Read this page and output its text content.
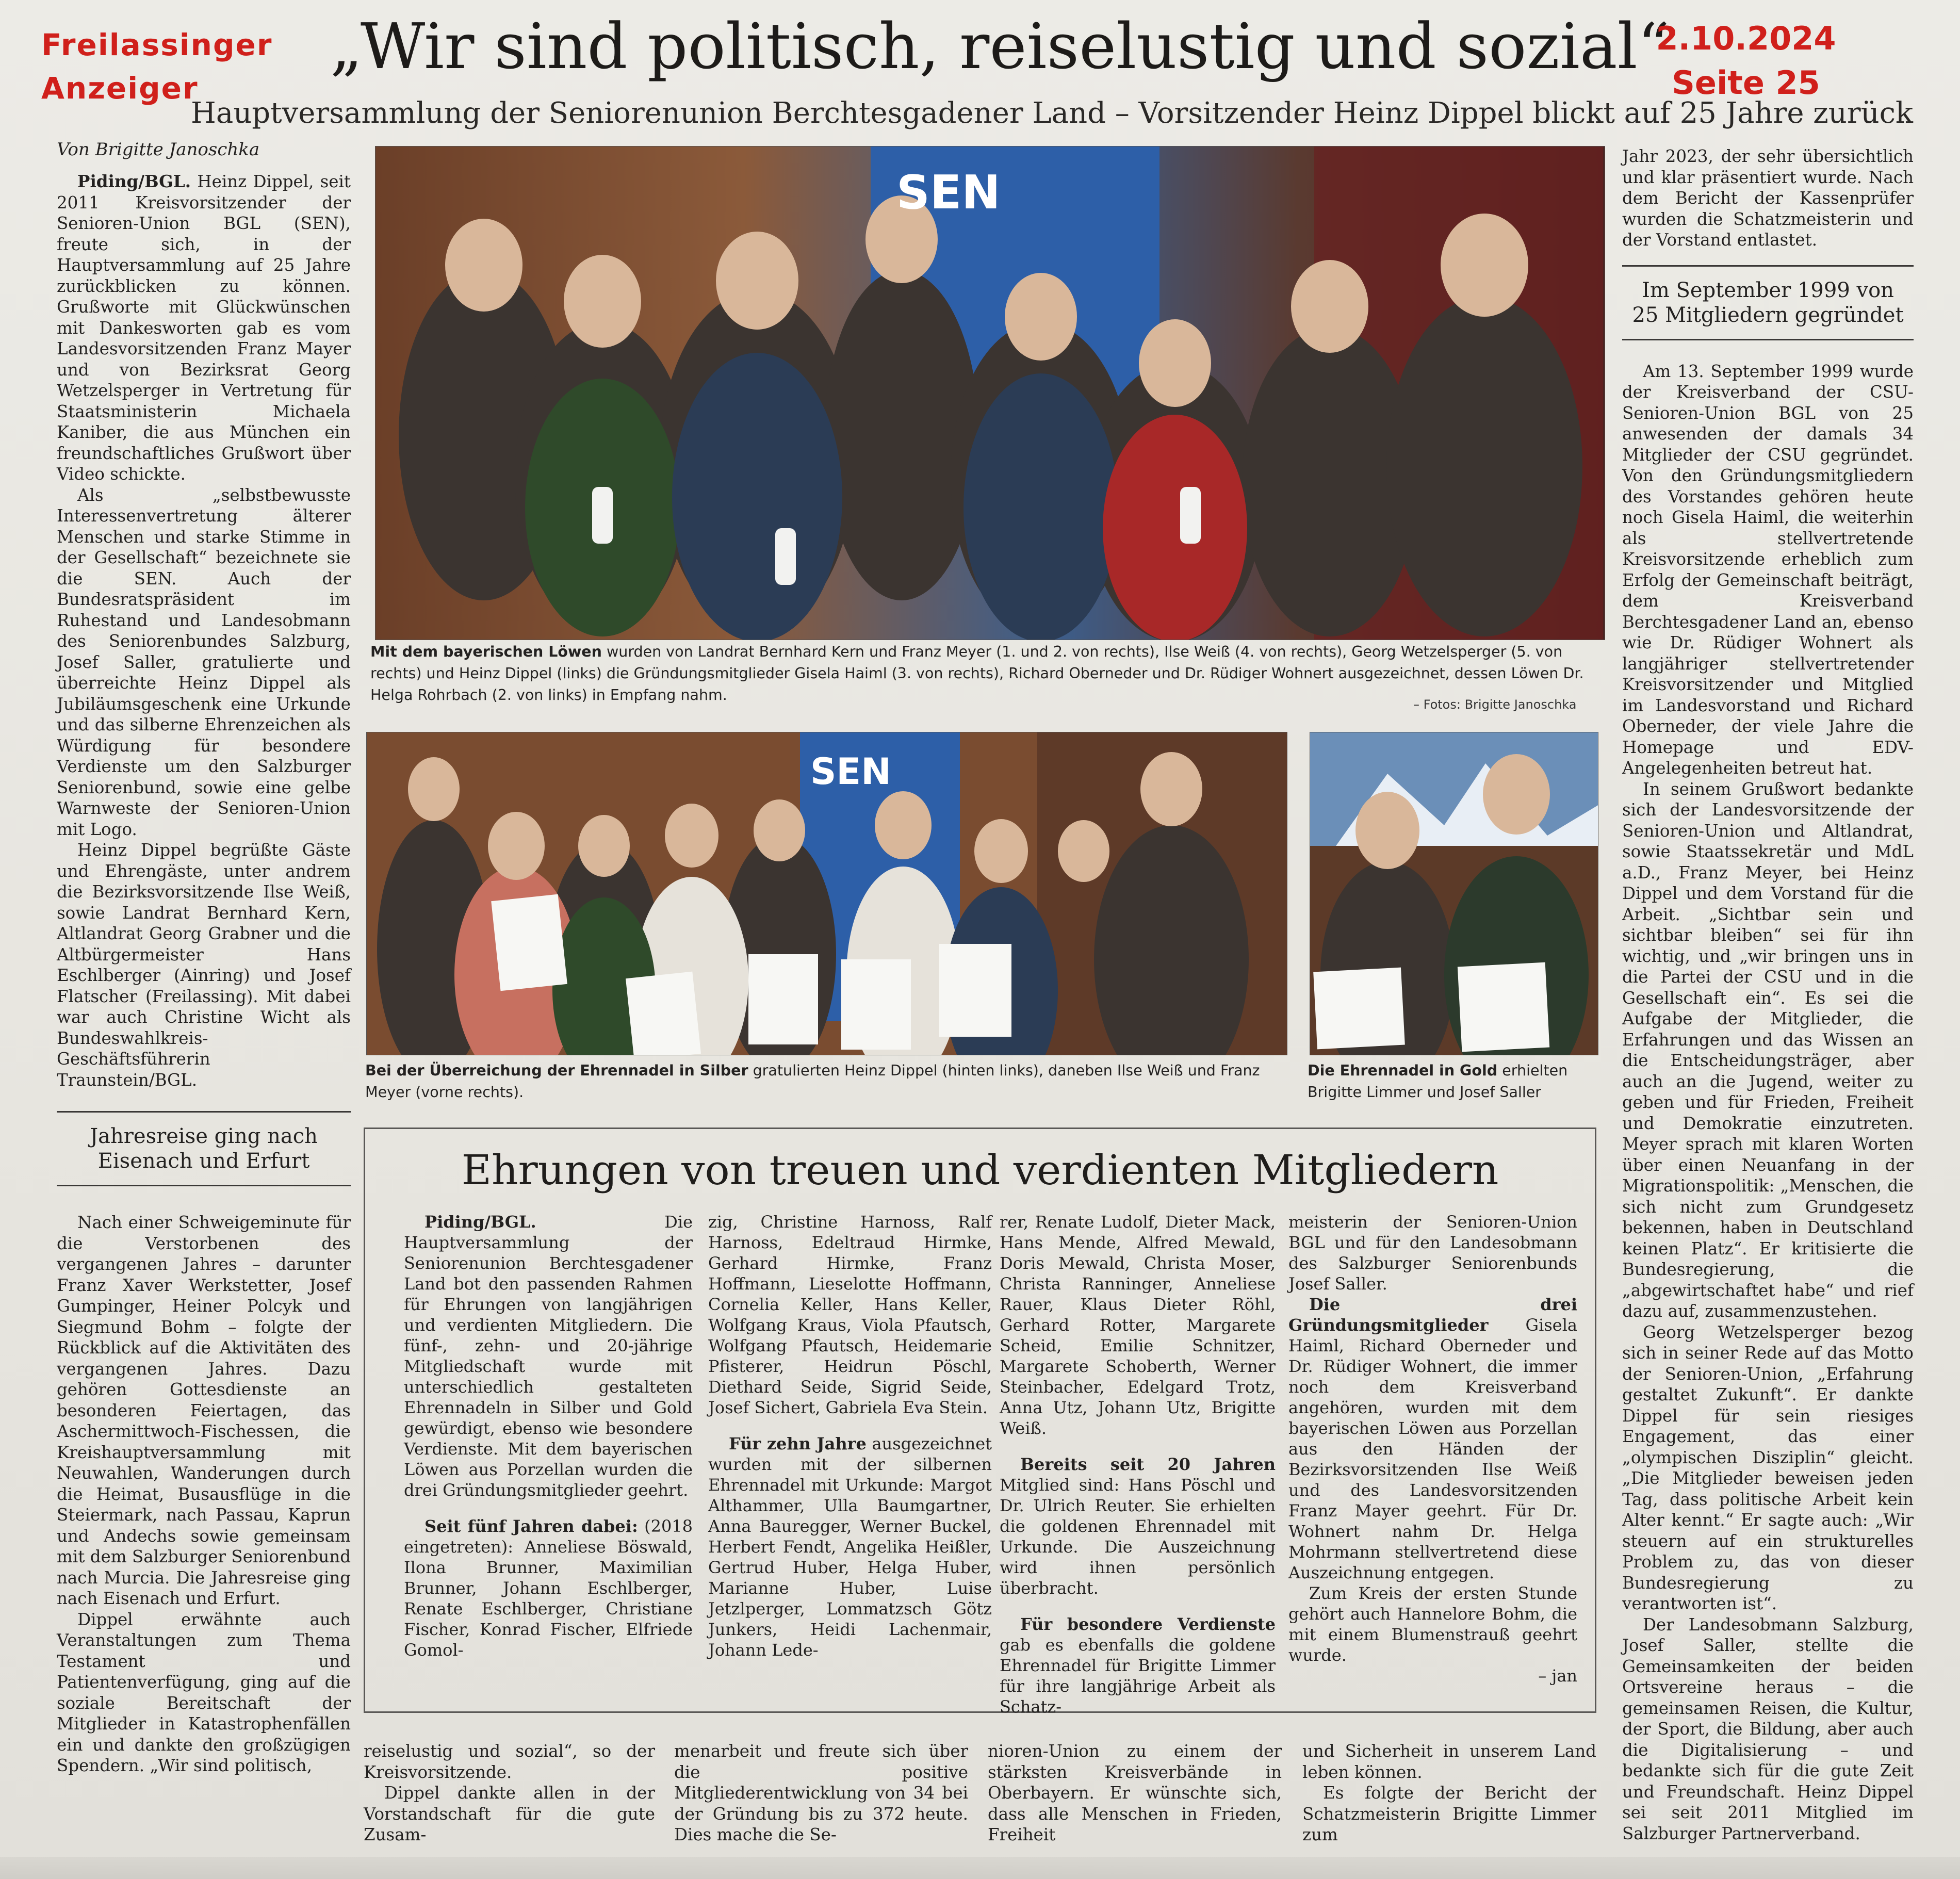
Freilassinger
Anzeiger
„Wir sind politisch, reiselustig und sozial“
2.10.2024
Seite 25
Hauptversammlung der Seniorenunion Berchtesgadener Land – Vorsitzender Heinz Dippel blickt auf 25 Jahre zurück
Von Brigitte Janoschka

Piding/BGL. Heinz Dippel, seit 2011 Kreisvorsitzender der Senioren-Union BGL (SEN), freute sich, in der Hauptversammlung auf 25 Jahre zurückblicken zu können. Grußworte mit Glückwünschen mit Dankesworten gab es vom Landesvorsitzenden Franz Mayer und von Bezirksrat Georg Wetzelsperger in Vertretung für Staatsministerin Michaela Kaniber, die aus München ein freundschaftliches Grußwort über Video schickte.

Als „selbstbewusste Interessenvertretung älterer Menschen und starke Stimme in der Gesellschaft“ bezeichnete sie die SEN. Auch der Bundesratspräsident im Ruhestand und Landesobmann des Seniorenbundes Salzburg, Josef Saller, gratulierte und überreichte Heinz Dippel als Jubiläumsgeschenk eine Urkunde und das silberne Ehrenzeichen als Würdigung für besondere Verdienste um den Salzburger Seniorenbund, sowie eine gelbe Warnweste der Senioren-Union mit Logo.

Heinz Dippel begrüßte Gäste und Ehrengäste, unter andrem die Bezirksvorsitzende Ilse Weiß, sowie Landrat Bernhard Kern, Altlandrat Georg Grabner und die Altbürgermeister Hans Eschlberger (Ainring) und Josef Flatscher (Freilassing). Mit dabei war auch Christine Wicht als Bundeswahlkreis-Geschäftsführerin Traunstein/BGL.

Jahresreise ging nach Eisenach und Erfurt

Nach einer Schweigeminute für die Verstorbenen des vergangenen Jahres – darunter Franz Xaver Werkstetter, Josef Gumpinger, Heiner Polcyk und Siegmund Bohm – folgte der Rückblick auf die Aktivitäten des vergangenen Jahres. Dazu gehören Gottesdienste an besonderen Feiertagen, das Aschermittwoch-Fischessen, die Kreishauptversammlung mit Neuwahlen, Wanderungen durch die Heimat, Busausflüge in die Steiermark, nach Passau, Kaprun und Andechs sowie gemeinsam mit dem Salzburger Seniorenbund nach Murcia. Die Jahresreise ging nach Eisenach und Erfurt.

Dippel erwähnte auch Veranstaltungen zum Thema Testament und Patientenverfügung, ging auf die soziale Bereitschaft der Mitglieder in Katastrophenfällen ein und dankte den großzügigen Spendern. „Wir sind politisch,

Jahr 2023, der sehr übersichtlich und klar präsentiert wurde. Nach dem Bericht der Kassenprüfer wurden die Schatzmeisterin und der Vorstand entlastet.

Im September 1999 von 25 Mitgliedern gegründet

Am 13. September 1999 wurde der Kreisverband der CSU-Senioren-Union BGL von 25 anwesenden der damals 34 Mitglieder der CSU gegründet. Von den Gründungsmitgliedern des Vorstandes gehören heute noch Gisela Haiml, die weiterhin als stellvertretende Kreisvorsitzende erheblich zum Erfolg der Gemeinschaft beiträgt, dem Kreisverband Berchtesgadener Land an, ebenso wie Dr. Rüdiger Wohnert als langjähriger stellvertretender Kreisvorsitzender und Mitglied im Landesvorstand und Richard Oberneder, der viele Jahre die Homepage und EDV-Angelegenheiten betreut hat.

In seinem Grußwort bedankte sich der Landesvorsitzende der Senioren-Union und Altlandrat, sowie Staatssekretär und MdL a.D., Franz Meyer, bei Heinz Dippel und dem Vorstand für die Arbeit. „Sichtbar sein und sichtbar bleiben“ sei für ihn wichtig, und „wir bringen uns in die Partei der CSU und in die Gesellschaft ein“. Es sei die Aufgabe der Mitglieder, die Erfahrungen und das Wissen an die Entscheidungsträger, aber auch an die Jugend, weiter zu geben und für Frieden, Freiheit und Demokratie einzutreten. Meyer sprach mit klaren Worten über einen Neuanfang in der Migrationspolitik: „Menschen, die sich nicht zum Grundgesetz bekennen, haben in Deutschland keinen Platz“. Er kritisierte die Bundesregierung, die „abgewirtschaftet habe“ und rief dazu auf, zusammenzustehen.

Georg Wetzelsperger bezog sich in seiner Rede auf das Motto der Senioren-Union, „Erfahrung gestaltet Zukunft“. Er dankte Dippel für sein riesiges Engagement, das einer „olympischen Disziplin“ gleicht. „Die Mitglieder beweisen jeden Tag, dass politische Arbeit kein Alter kennt.“ Er sagte auch: „Wir steuern auf ein strukturelles Problem zu, das von dieser Bundesregierung zu verantworten ist“.

Der Landesobmann Salzburg, Josef Saller, stellte die Gemeinsamkeiten der beiden Ortsvereine heraus – die gemeinsamen Reisen, die Kultur, der Sport, die Bildung, aber auch die Digitalisierung – und bedankte sich für die gute Zeit und Freundschaft. Heinz Dippel sei seit 2011 Mitglied im Salzburger Partnerverband.

SEN
Mit dem bayerischen Löwen wurden von Landrat Bernhard Kern und Franz Meyer (1. und 2. von rechts), Ilse Weiß (4. von rechts), Georg Wetzelsperger (5. von rechts) und Heinz Dippel (links) die Gründungsmitglieder Gisela Haiml (3. von rechts), Richard Oberneder und Dr. Rüdiger Wohnert ausgezeichnet, dessen Löwen Dr. Helga Rohrbach (2. von links) in Empfang nahm.
– Fotos: Brigitte Janoschka
SEN
Bei der Überreichung der Ehrennadel in Silber gratulierten Heinz Dippel (hinten links), daneben Ilse Weiß und Franz Meyer (vorne rechts).
Die Ehrennadel in Gold erhielten Brigitte Limmer und Josef Saller
Ehrungen von treuen und verdienten Mitgliedern

Piding/BGL.	Die Hauptversammlung der Seniorenunion Berchtesgadener Land bot den passenden Rahmen für Ehrungen von langjährigen und verdienten Mitgliedern. Die fünf-, zehn- und 20-jährige Mitgliedschaft wurde mit unterschiedlich gestalteten Ehrennadeln in Silber und Gold gewürdigt, ebenso wie besondere Verdienste. Mit dem bayerischen Löwen aus Porzellan wurden die drei Gründungsmitglieder geehrt.

Seit fünf Jahren dabei: (2018 eingetreten): Anneliese Böswald, Ilona Brunner, Maximilian Brunner, Johann Eschlberger, Renate Eschlberger, Christiane Fischer, Konrad Fischer, Elfriede Gomol-

zig, Christine Harnoss, Ralf Harnoss, Edeltraud Hirmke, Gerhard Hirmke, Franz Hoffmann, Lieselotte Hoffmann, Cornelia Keller, Hans Keller, Wolfgang Kraus, Viola Pfautsch, Wolfgang Pfautsch, Heidemarie Pfisterer, Heidrun Pöschl, Diethard Seide, Sigrid Seide, Josef Sichert, Gabriela Eva Stein.

Für zehn Jahre ausgezeichnet wurden mit der silbernen Ehrennadel mit Urkunde: Margot Althammer, Ulla Baumgartner, Anna Bauregger, Werner Buckel, Herbert Fendt, Angelika Heißler, Gertrud Huber, Helga Huber, Marianne Huber, Luise Jetzlperger, Lommatzsch Götz Junkers, Heidi Lachenmair, Johann Lede-

rer, Renate Ludolf, Dieter Mack, Hans Mende, Alfred Mewald, Doris Mewald, Christa Moser, Christa Ranninger, Anneliese Rauer, Klaus Dieter Röhl, Gerhard Rotter, Margarete Scheid, Emilie Schnitzer, Margarete Schoberth, Werner Steinbacher, Edelgard Trotz, Anna Utz, Johann Utz, Brigitte Weiß.

Bereits seit 20 Jahren Mitglied sind: Hans Pöschl und Dr. Ulrich Reuter. Sie erhielten die goldenen Ehrennadel mit Urkunde. Die Auszeichnung wird ihnen persönlich überbracht.

Für besondere Verdienste gab es ebenfalls die goldene Ehrennadel für Brigitte Limmer für ihre langjährige Arbeit als Schatz-

meisterin der Senioren-Union BGL und für den Landesobmann des Salzburger Seniorenbunds Josef Saller.

Die drei Gründungsmitglieder Gisela Haiml, Richard Oberneder und Dr. Rüdiger Wohnert, die immer noch dem Kreisverband angehören, wurden mit dem bayerischen Löwen aus Porzellan aus den Händen der Bezirksvorsitzenden Ilse Weiß und des Landesvorsitzenden Franz Mayer geehrt. Für Dr. Wohnert nahm Dr. Helga Mohrmann stellvertretend diese Auszeichnung entgegen.

Zum Kreis der ersten Stunde gehört auch Hannelore Bohm, die mit einem Blumenstrauß geehrt wurde.

– jan

reiselustig und sozial“, so der Kreisvorsitzende.

Dippel dankte allen in der Vorstandschaft für die gute Zusam-

menarbeit und freute sich über die positive Mitgliederentwicklung von 34 bei der Gründung bis zu 372 heute. Dies mache die Se-

nioren-Union zu einem der stärksten Kreisverbände in Oberbayern. Er wünschte sich, dass alle Menschen in Frieden, Freiheit

und Sicherheit in unserem Land leben können.

Es folgte der Bericht der Schatzmeisterin Brigitte Limmer zum
